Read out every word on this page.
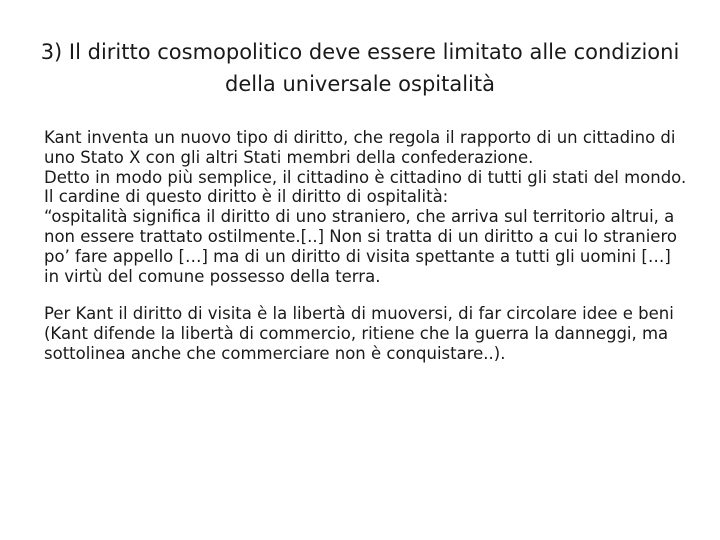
3) Il diritto cosmopolitico deve essere limitato alle condizioni della universale ospitalità

Kant inventa un nuovo tipo di diritto, che regola il rapporto di un cittadino di uno Stato X con gli altri Stati membri della confederazione.

Detto in modo più semplice, il cittadino è cittadino di tutti gli stati del mondo.

Il cardine di questo diritto è il diritto di ospitalità:

“ospitalità significa il diritto di uno straniero, che arriva sul territorio altrui, a non essere trattato ostilmente.[..] Non si tratta di un diritto a cui lo straniero po’ fare appello […] ma di un diritto di visita spettante a tutti gli uomini […] in virtù del comune possesso della terra.

Per Kant il diritto di visita è la libertà di muoversi, di far circolare idee e beni (Kant difende la libertà di commercio, ritiene che la guerra la danneggi, ma sottolinea anche che commerciare non è conquistare..).
